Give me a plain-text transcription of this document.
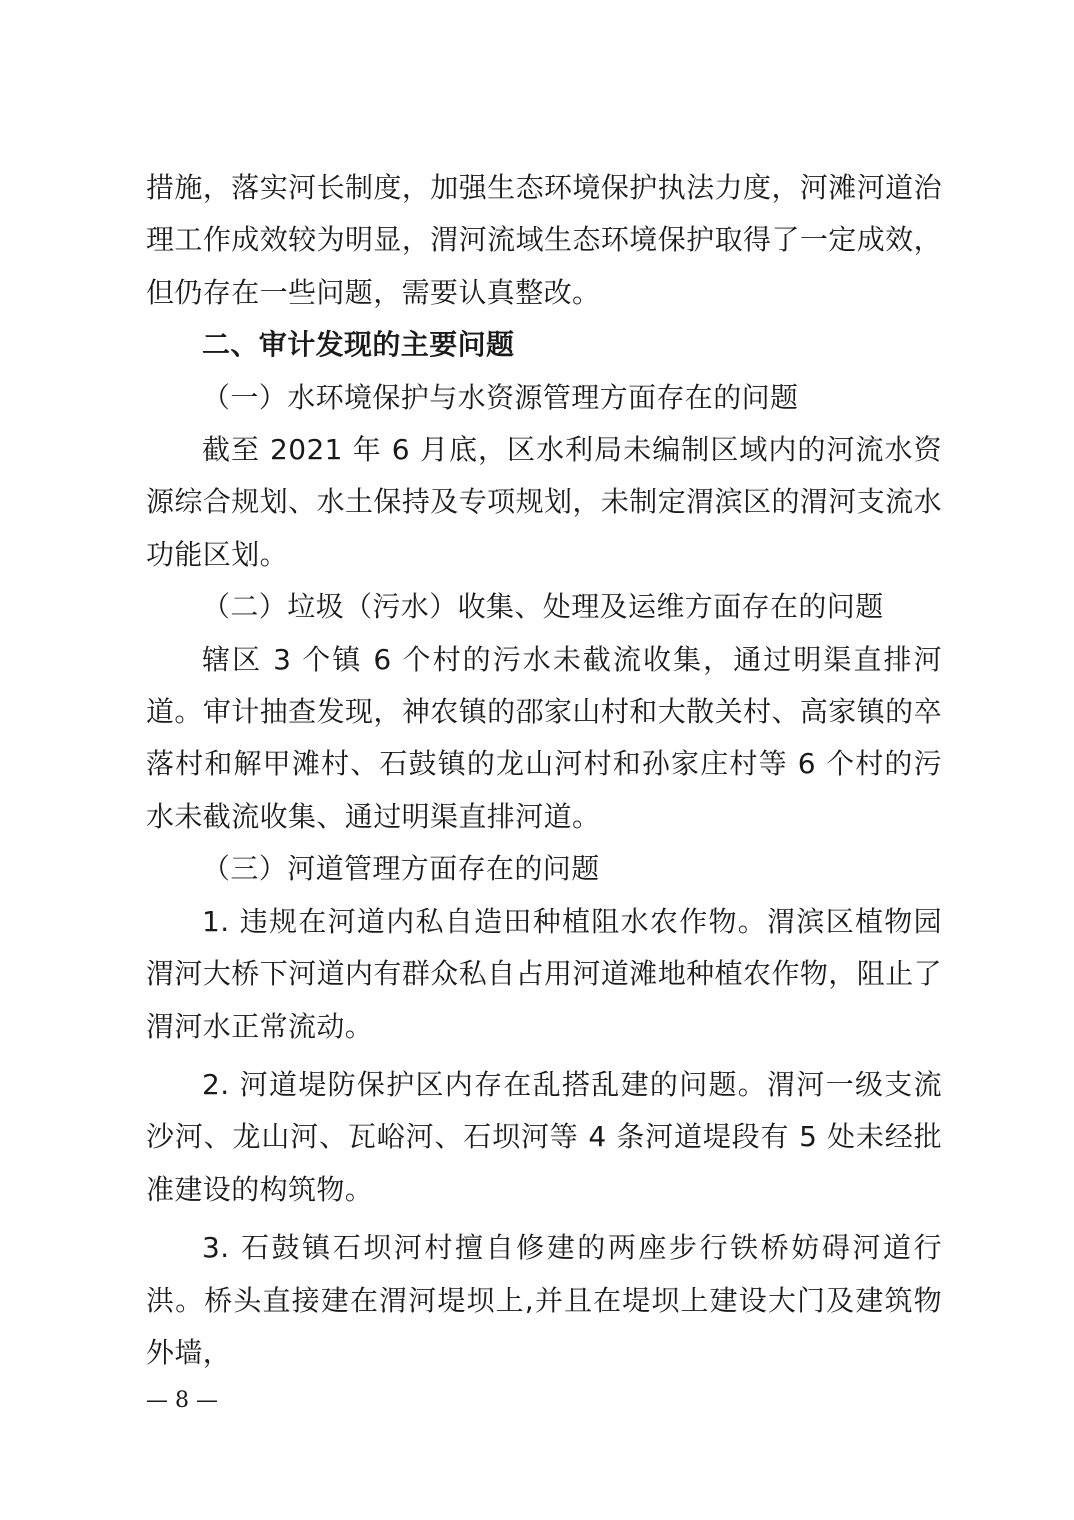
措施，落实河长制度，加强生态环境保护执法力度，河滩河道治理工作成效较为明显，渭河流域生态环境保护取得了一定成效，但仍存在一些问题，需要认真整改。

二、审计发现的主要问题

（一）水环境保护与水资源管理方面存在的问题

截至 2021 年 6 月底，区水利局未编制区域内的河流水资源综合规划、水土保持及专项规划，未制定渭滨区的渭河支流水功能区划。

（二）垃圾（污水）收集、处理及运维方面存在的问题

辖区 3 个镇 6 个村的污水未截流收集，通过明渠直排河道。审计抽查发现，神农镇的邵家山村和大散关村、高家镇的卒落村和解甲滩村、石鼓镇的龙山河村和孙家庄村等 6 个村的污水未截流收集、通过明渠直排河道。

（三）河道管理方面存在的问题

1. 违规在河道内私自造田种植阻水农作物。渭滨区植物园渭河大桥下河道内有群众私自占用河道滩地种植农作物，阻止了渭河水正常流动。

2. 河道堤防保护区内存在乱搭乱建的问题。渭河一级支流沙河、龙山河、瓦峪河、石坝河等 4 条河道堤段有 5 处未经批准建设的构筑物。

3. 石鼓镇石坝河村擅自修建的两座步行铁桥妨碍河道行洪。桥头直接建在渭河堤坝上,并且在堤坝上建设大门及建筑物外墙，

— 8 —
